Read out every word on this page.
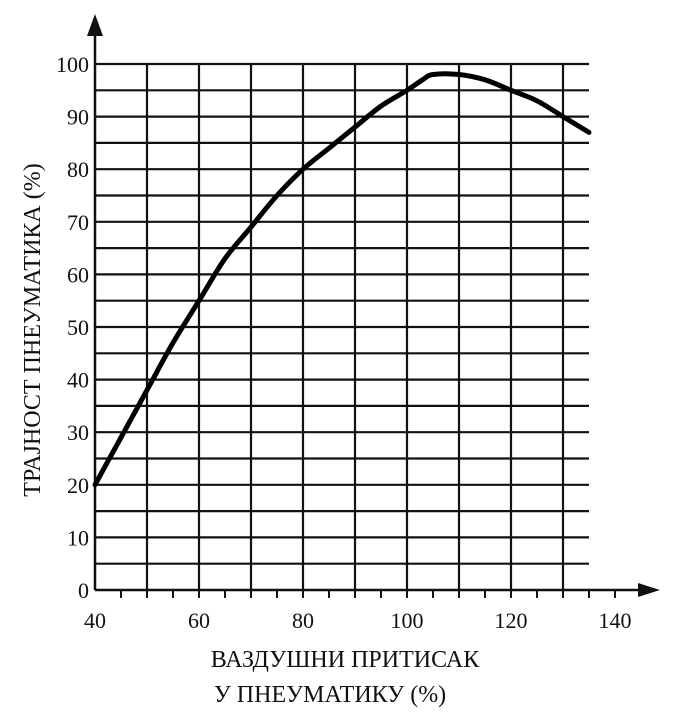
0
10
20
30
40
50
60
70
80
90
100
40	60	80	100	120	140
ВАЗДУШНИ ПРИТИСАК
У ПНЕУМАТИКУ (%)
ТРАЈНОСТ ПНЕУМАТИКА (%)
